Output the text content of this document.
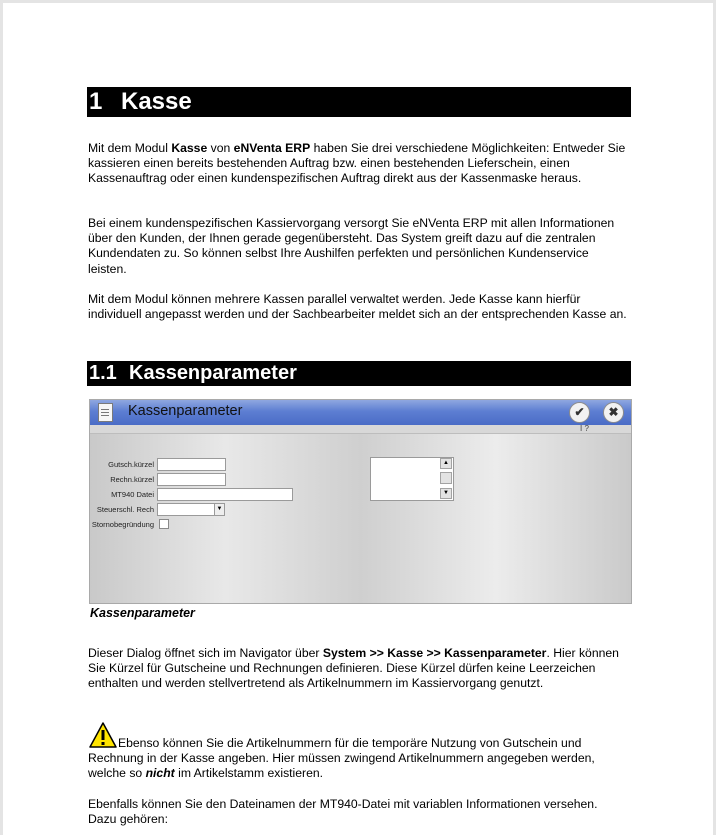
1 Kasse
Mit dem Modul Kasse von eNVenta ERP haben Sie drei verschiedene Möglichkeiten: Entweder Sie kassieren einen bereits bestehenden Auftrag bzw. einen bestehenden Lieferschein, einen Kassenauftrag oder einen kundenspezifischen Auftrag direkt aus der Kassenmaske heraus.
Bei einem kundenspezifischen Kassiervorgang versorgt Sie eNVenta ERP mit allen Informationen über den Kunden, der Ihnen gerade gegenübersteht. Das System greift dazu auf die zentralen Kundendaten zu. So können selbst Ihre Aushilfen perfekten und persönlichen Kundenservice leisten.
Mit dem Modul können mehrere Kassen parallel verwaltet werden. Jede Kasse kann hierfür individuell angepasst werden und der Sachbearbeiter meldet sich an der entsprechenden Kasse an.
1.1 Kassenparameter
Kassenparameter	✔	✖
I ?
Gutsch.kürzel
Rechn.kürzel
MT940 Datei
Steuerschl. Rech	▼
Stornobegründung
▲
▼
Kassenparameter
Dieser Dialog öffnet sich im Navigator über System >> Kasse >> Kassenparameter. Hier können Sie Kürzel für Gutscheine und Rechnungen definieren. Diese Kürzel dürfen keine Leerzeichen enthalten und werden stellvertretend als Artikelnummern im Kassiervorgang genutzt.
Ebenso können Sie die Artikelnummern für die temporäre Nutzung von Gutschein und Rechnung in der Kasse angeben. Hier müssen zwingend Artikelnummern angegeben werden, welche so nicht im Artikelstamm existieren.
Ebenfalls können Sie den Dateinamen der MT940-Datei mit variablen Informationen versehen. Dazu gehören:
